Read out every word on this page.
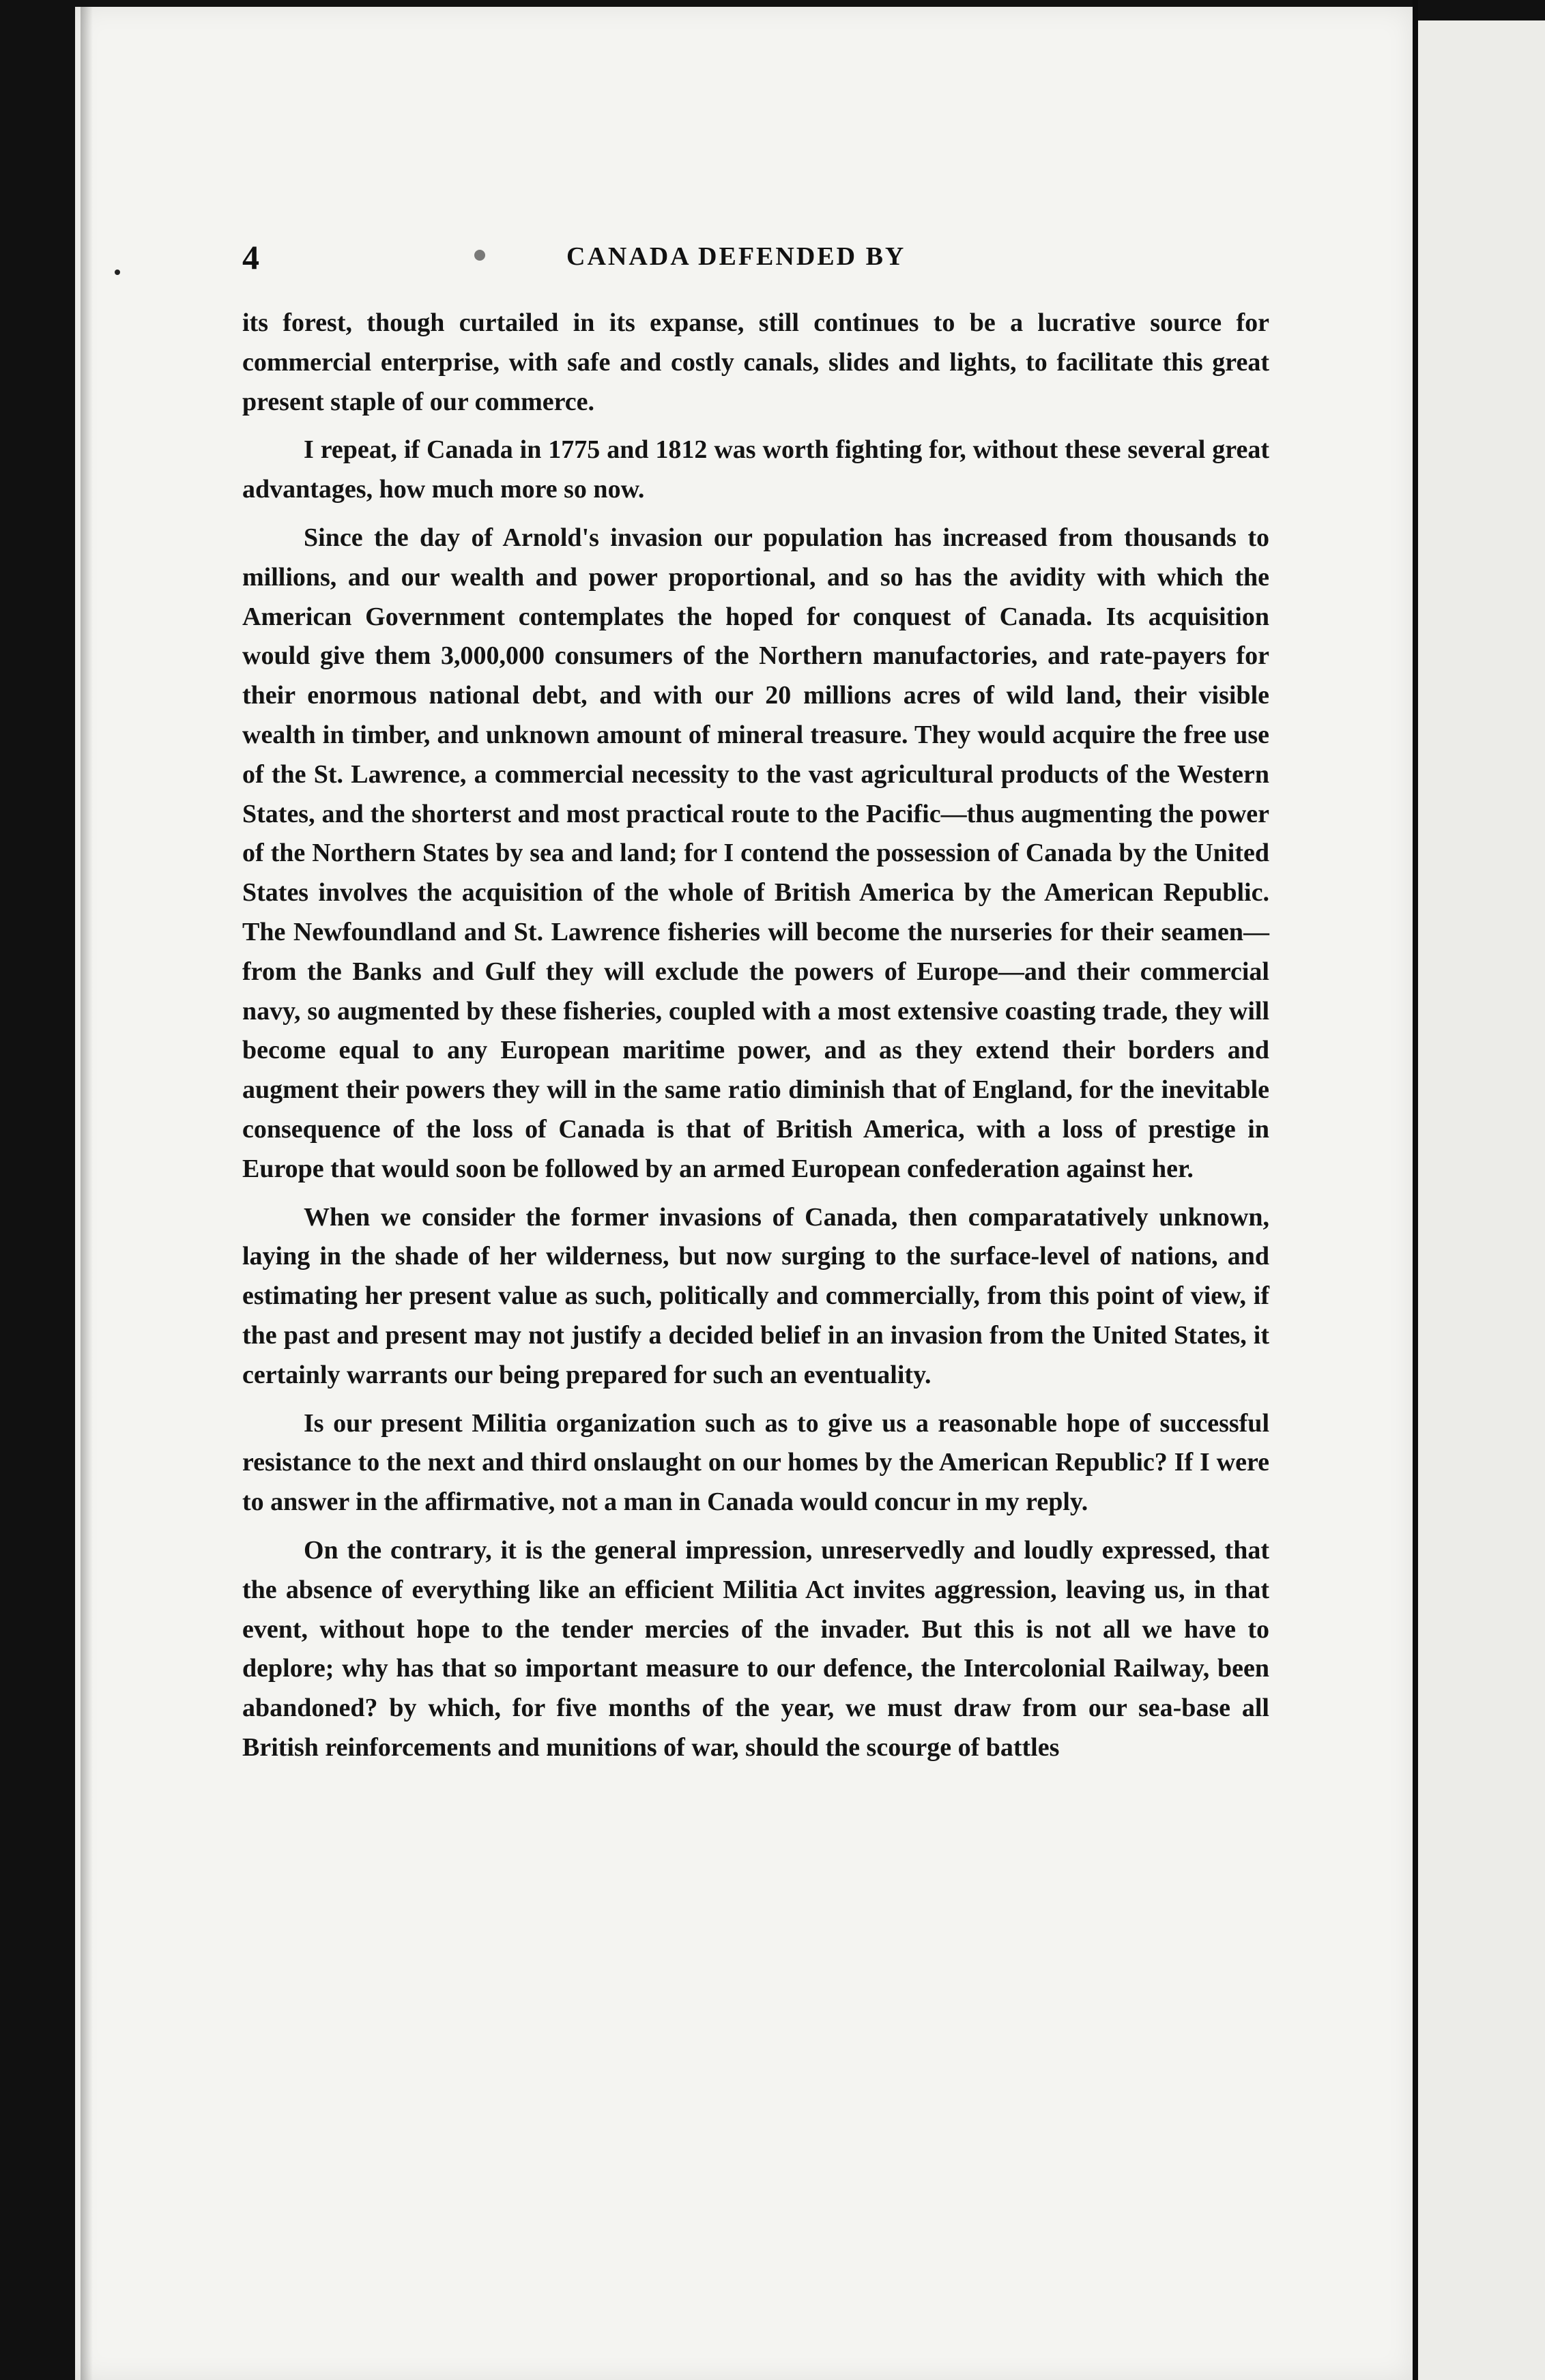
4	CANADA DEFENDED BY

its forest, though curtailed in its expanse, still continues to be a lucrative source for commercial enterprise, with safe and costly canals, slides and lights, to facilitate this great present staple of our commerce.

I repeat, if Canada in 1775 and 1812 was worth fighting for, without these several great advantages, how much more so now.

Since the day of Arnold's invasion our population has increased from thousands to millions, and our wealth and power proportional, and so has the avidity with which the American Government contemplates the hoped for conquest of Canada. Its acquisition would give them 3,000,000 consumers of the Northern manufactories, and rate-payers for their enormous national debt, and with our 20 millions acres of wild land, their visible wealth in timber, and unknown amount of mineral treasure. They would acquire the free use of the St. Lawrence, a commercial necessity to the vast agricultural products of the Western States, and the shorterst and most practical route to the Pacific—thus augmenting the power of the Northern States by sea and land; for I contend the possession of Canada by the United States involves the acquisition of the whole of British America by the American Republic. The Newfoundland and St. Lawrence fisheries will become the nurseries for their seamen—from the Banks and Gulf they will exclude the powers of Europe—and their commercial navy, so augmented by these fisheries, coupled with a most extensive coasting trade, they will become equal to any European maritime power, and as they extend their borders and augment their powers they will in the same ratio diminish that of England, for the inevitable consequence of the loss of Canada is that of British America, with a loss of prestige in Europe that would soon be followed by an armed European confederation against her.

When we consider the former invasions of Canada, then comparatatively unknown, laying in the shade of her wilderness, but now surging to the surface-level of nations, and estimating her present value as such, politically and commercially, from this point of view, if the past and present may not justify a decided belief in an invasion from the United States, it certainly warrants our being prepared for such an eventuality.

Is our present Militia organization such as to give us a reasonable hope of successful resistance to the next and third onslaught on our homes by the American Republic? If I were to answer in the affirmative, not a man in Canada would concur in my reply.

On the contrary, it is the general impression, unreservedly and loudly expressed, that the absence of everything like an efficient Militia Act invites aggression, leaving us, in that event, without hope to the tender mercies of the invader. But this is not all we have to deplore; why has that so important measure to our defence, the Intercolonial Railway, been abandoned? by which, for five months of the year, we must draw from our sea-base all British reinforcements and munitions of war, should the scourge of battles
